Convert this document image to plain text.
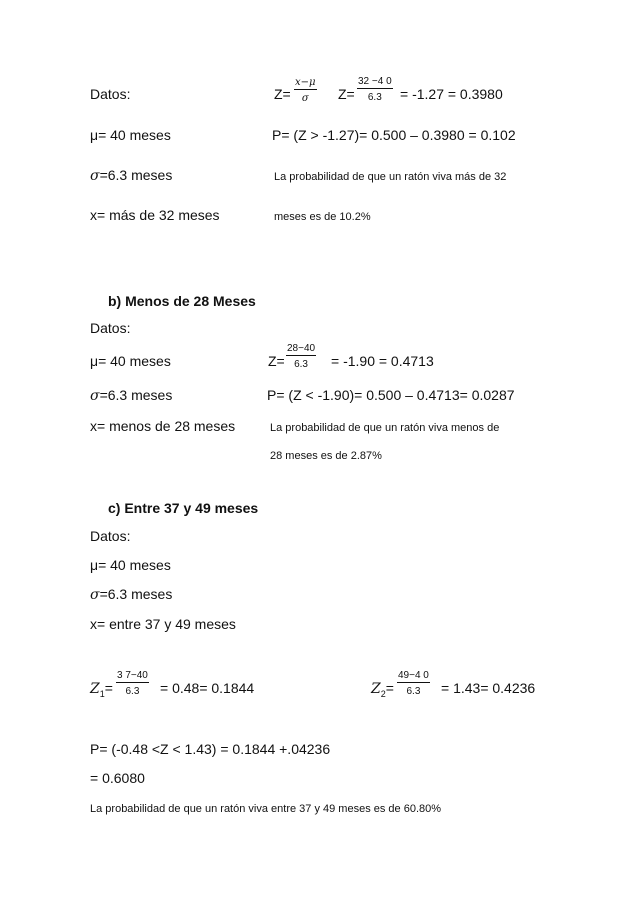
Datos:	$Z= \frac{x-\mu}{\sigma} Z= \frac{32 -4 0}{6.3} = -1.27 = 0.3980$
μ= 40 meses	P= (Z > -1.27)= 0.500 – 0.3980 = 0.102
σ=6.3 meses	La probabilidad de que un ratón viva más de 32
x= más de 32 meses	meses es de 10.2%
b) Menos de 28 Meses
Datos:
μ= 40 meses	$Z= \frac{28-40}{6.3} = -1.90 = 0.4713$
σ=6.3 meses	P= (Z < -1.90)= 0.500 – 0.4713= 0.0287
x= menos de 28 meses	La probabilidad de que un ratón viva menos de
28 meses es de 2.87%
c) Entre 37 y 49 meses
Datos:
μ= 40 meses
σ=6.3 meses
x= entre 37 y 49 meses
$Z_1= \frac{3 7-40}{6.3} = 0.48= 0.1844$	$Z_2= \frac{49-4 0}{6.3} = 1.43= 0.4236$
P= (-0.48 <Z < 1.43) = 0.1844 +.04236
= 0.6080
La probabilidad de que un ratón viva entre 37 y 49 meses es de 60.80%
